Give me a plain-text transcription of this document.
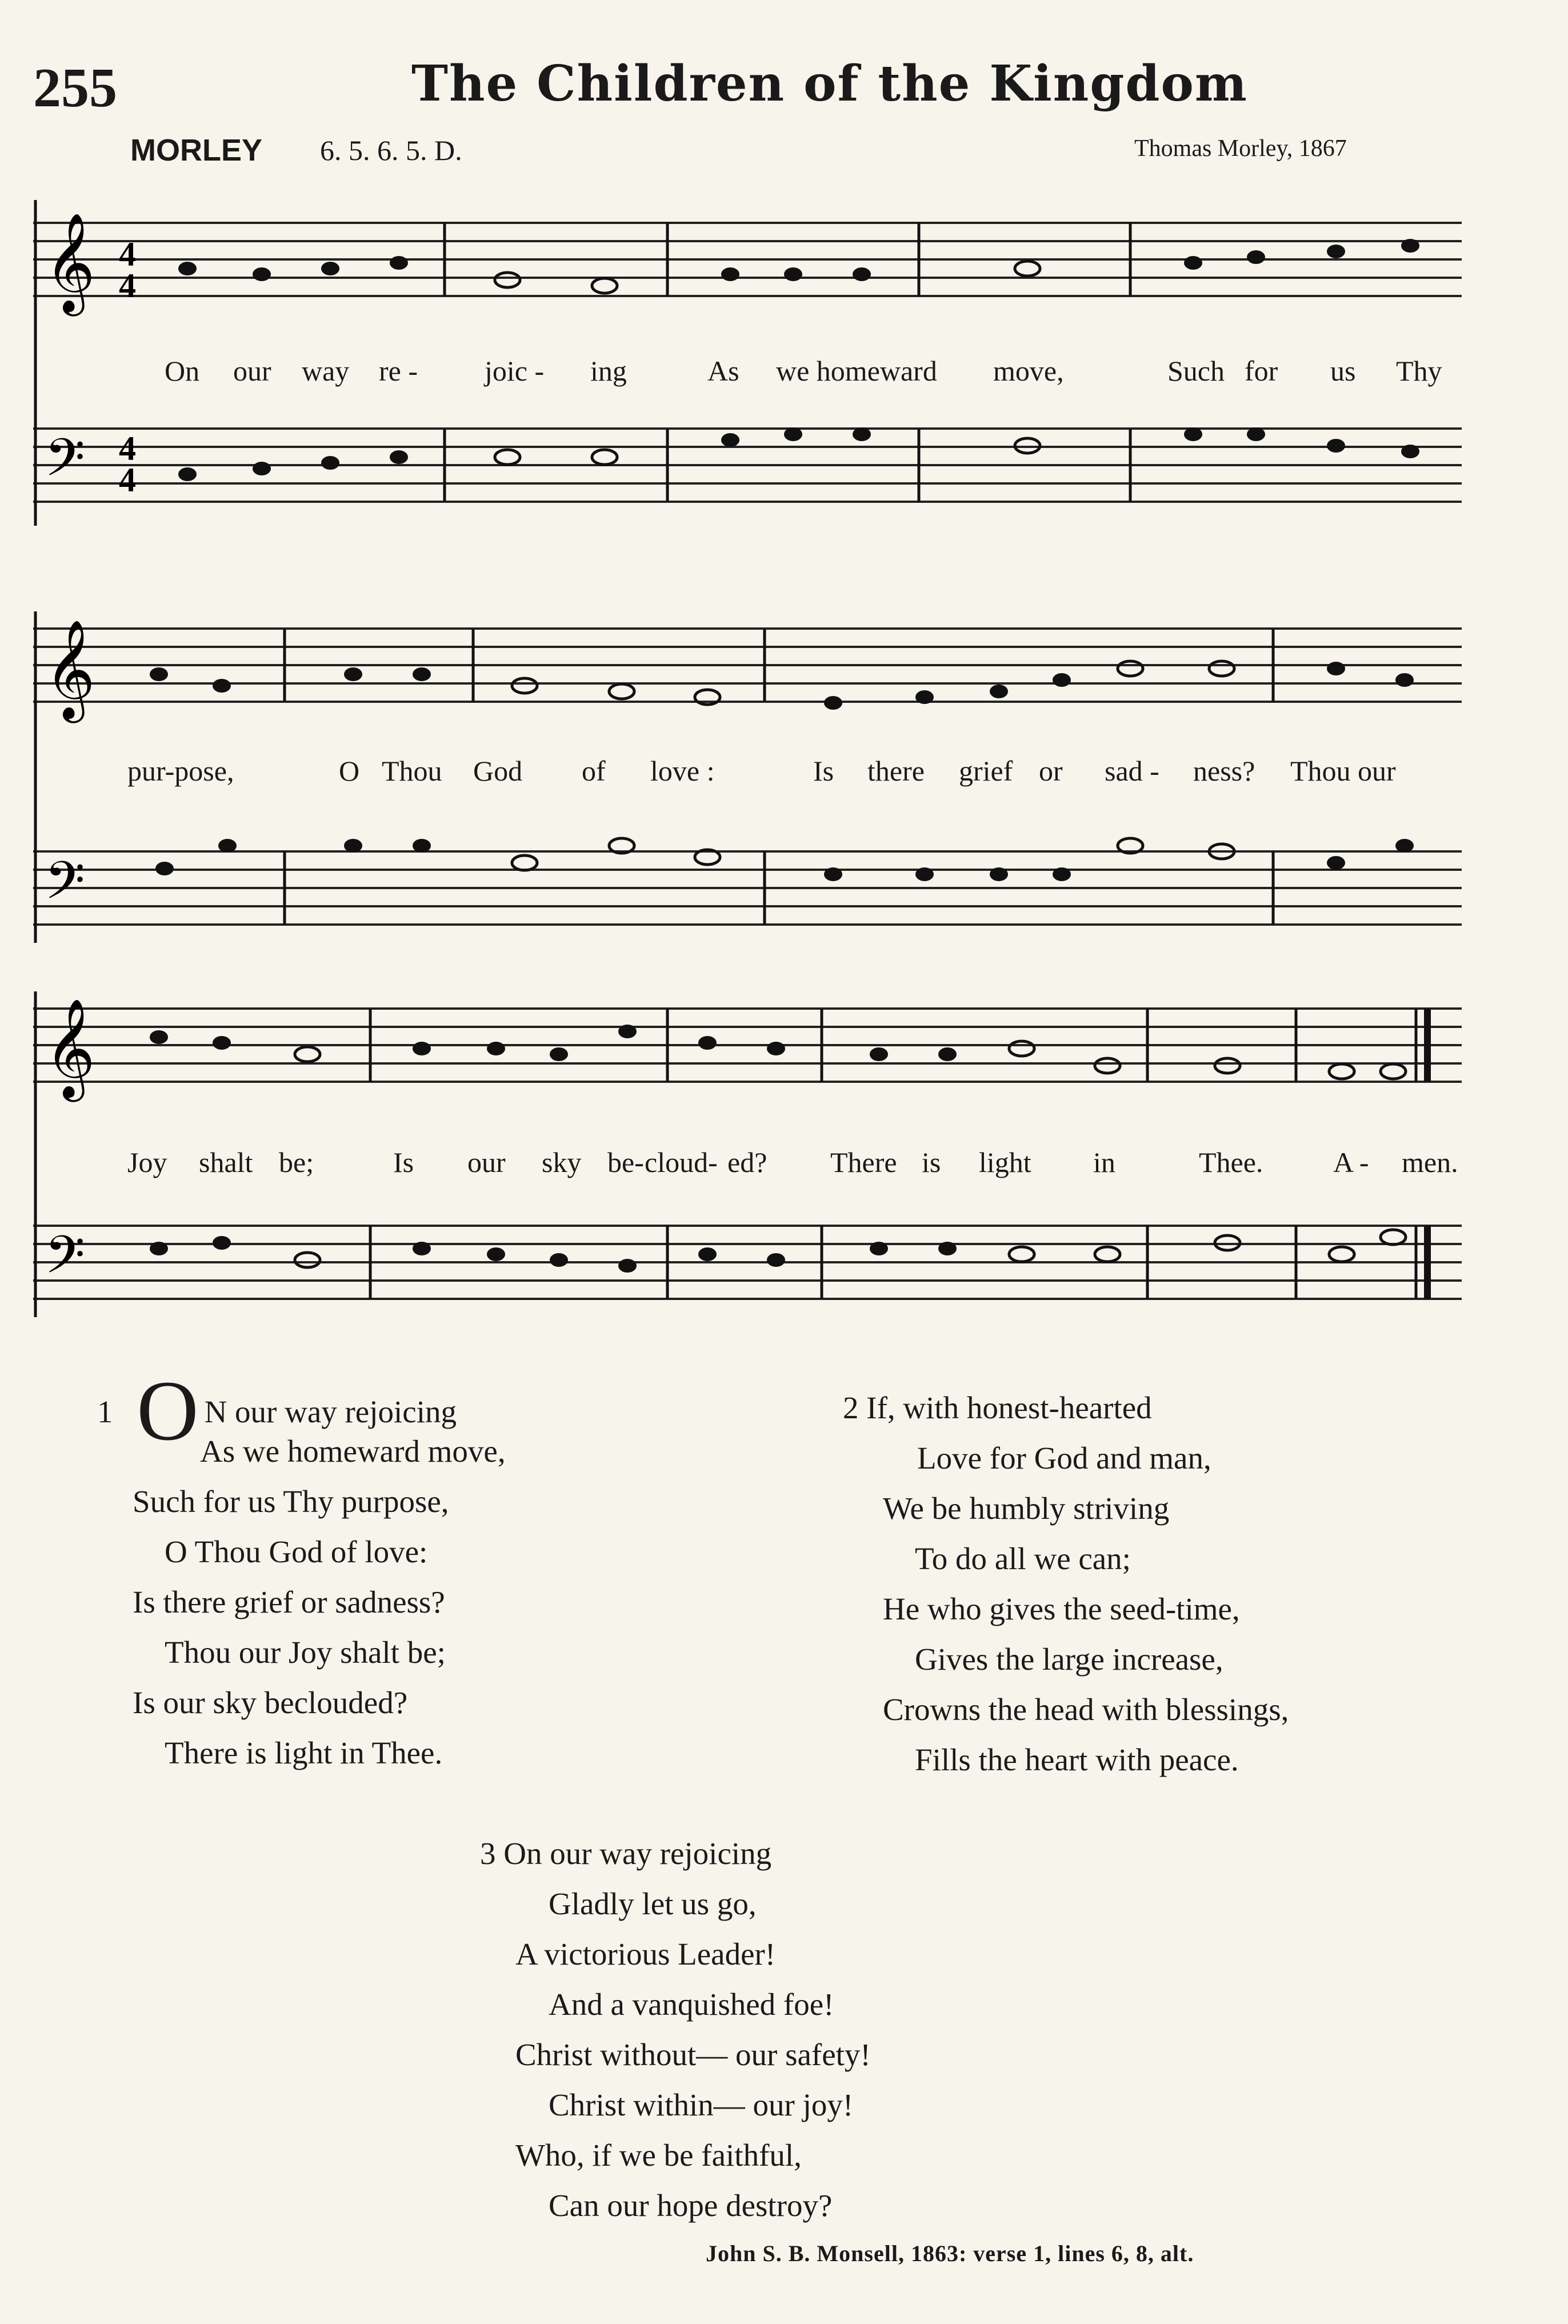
255	The Children of the Kingdom
MORLEY 6. 5. 6. 5. D.	Thomas Morley, 1867
𝄞
𝄢
4
4
4
4
On our way re - joic - ing	As we homeward move,	Such for us Thy
𝄞
𝄢
pur-pose,	O Thou God of love :	Is there grief or sad - ness? Thou our
𝄞
𝄢
Joy shalt be;	Is our sky be- cloud- ed? There is light in	Thee. A - men.
1 O N our way rejoicing
As we homeward move,
Such for us Thy purpose,
O Thou God of love:
Is there grief or sadness?
Thou our Joy shalt be;
Is our sky beclouded?
There is light in Thee.
2 If, with honest-hearted
Love for God and man,
We be humbly striving
To do all we can;
He who gives the seed-time,
Gives the large increase,
Crowns the head with blessings,
Fills the heart with peace.
3 On our way rejoicing
Gladly let us go,
A victorious Leader!
And a vanquished foe!
Christ without— our safety!
Christ within— our joy!
Who, if we be faithful,
Can our hope destroy?
John S. B. Monsell, 1863: verse 1, lines 6, 8, alt.
